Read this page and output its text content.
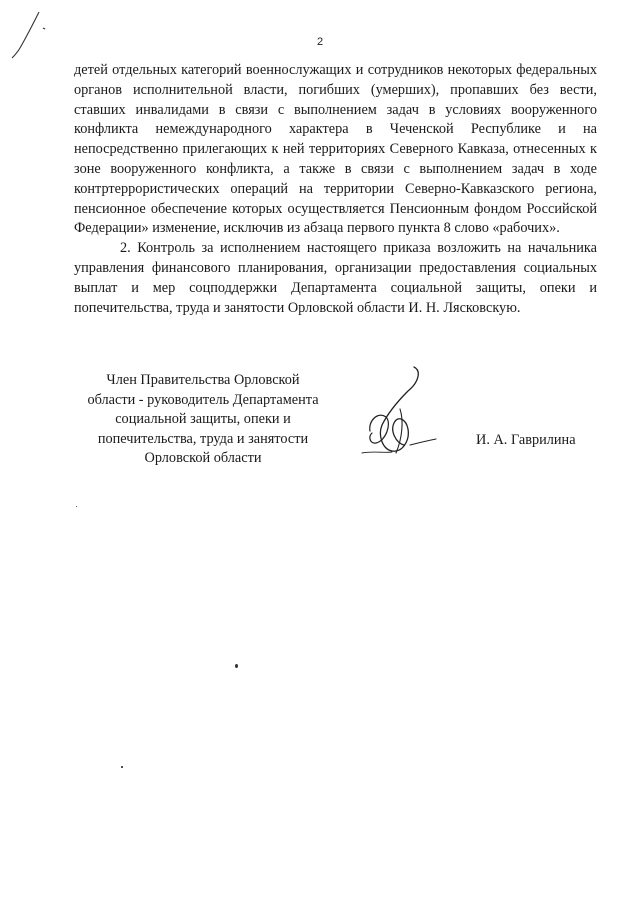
2

детей отдельных категорий военнослужащих и сотрудников некоторых федеральных органов исполнительной власти, погибших (умерших), пропавших без вести, ставших инвалидами в связи с выполнением задач в условиях вооруженного конфликта немеждународного характера в Чеченской Республике и на непосредственно прилегающих к ней территориях Северного Кавказа, отнесенных к зоне вооруженного конфликта, а также в связи с выполнением задач в ходе контртеррористических операций на территории Северно-Кавказского региона, пенсионное обеспечение которых осуществляется Пенсионным фондом Российской Федерации» изменение, исключив из абзаца первого пункта 8 слово «рабочих».

2. Контроль за исполнением настоящего приказа возложить на начальника управления финансового планирования, организации предоставления социальных выплат и мер соцподдержки Департамента социальной защиты, опеки и попечительства, труда и занятости Орловской области И. Н. Лясковскую.

Член Правительства Орловской
области - руководитель Департамента
социальной защиты, опеки и
попечительства, труда и занятости
Орловской области
И. А. Гаврилина
